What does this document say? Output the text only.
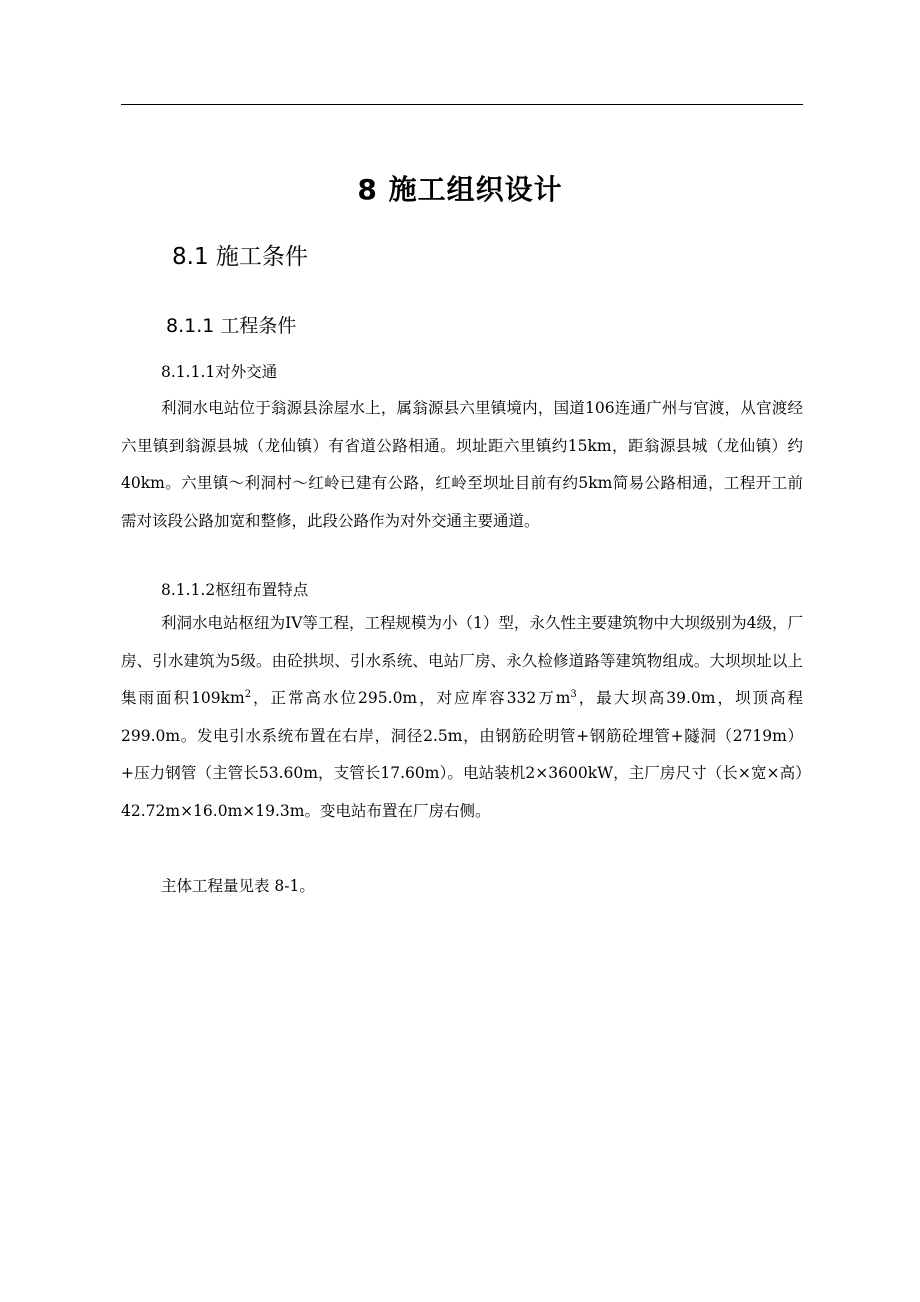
8 施工组织设计
8.1 施工条件
8.1.1 工程条件
8.1.1.1对外交通

利洞水电站位于翁源县涂屋水上，属翁源县六里镇境内，国道106连通广州与官渡，从官渡经六里镇到翁源县城（龙仙镇）有省道公路相通。坝址距六里镇约15km，距翁源县城（龙仙镇）约40km。六里镇～利洞村～红岭已建有公路，红岭至坝址目前有约5km简易公路相通，工程开工前需对该段公路加宽和整修，此段公路作为对外交通主要通道。

8.1.1.2枢纽布置特点

利洞水电站枢纽为IV等工程，工程规模为小（1）型，永久性主要建筑物中大坝级别为4级，厂房、引水建筑为5级。由砼拱坝、引水系统、电站厂房、永久检修道路等建筑物组成。大坝坝址以上集雨面积$109km^2$，正常高水位295.0m，对应库容332万$m^3$，最大坝高39.0m，坝顶高程299.0m。发电引水系统布置在右岸，洞径2.5m，由钢筋砼明管+钢筋砼埋管+隧洞（2719m）+压力钢管（主管长53.60m，支管长17.60m）。电站装机2×3600kW，主厂房尺寸（长×宽×高）42.72m×16.0m×19.3m。变电站布置在厂房右侧。

主体工程量见表 8-1。
